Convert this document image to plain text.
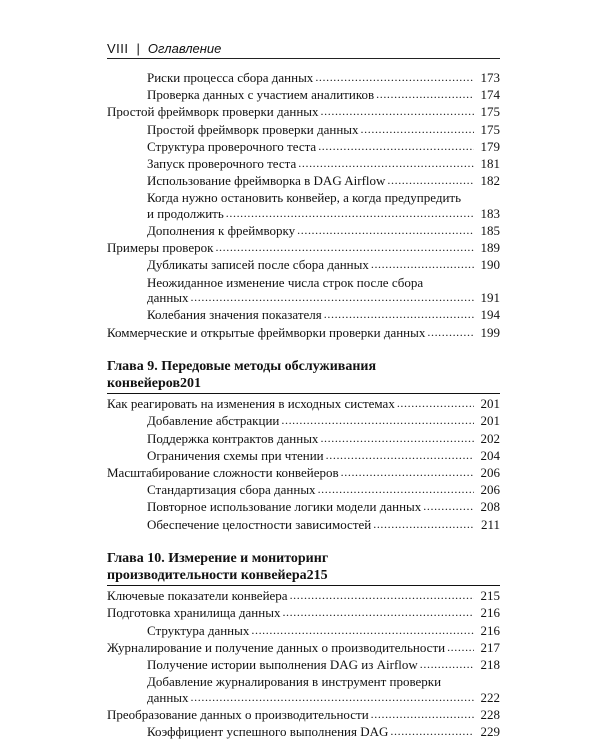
VIII | Оглавление
Риски процесса сбора данных .....	173
Проверка данных с участием аналитиков .....	174
Простой фреймворк проверки данных .....	175
Простой фреймворк проверки данных .....	175
Структура проверочного теста .....	179
Запуск проверочного теста .....	181
Использование фреймворка в DAG Airflow .....	182
Когда нужно остановить конвейер, а когда предупредить
и продолжить .....	183
Дополнения к фреймворку .....	185
Примеры проверок .....	189
Дубликаты записей после сбора данных .....	190
Неожиданное изменение числа строк после сбора
данных .....	191
Колебания значения показателя .....	194
Коммерческие и открытые фреймворки проверки данных .....	199
Глава 9. Передовые методы обслуживания
конвейеров 201
Как реагировать на изменения в исходных системах .....	201
Добавление абстракции .....	201
Поддержка контрактов данных .....	202
Ограничения схемы при чтении .....	204
Масштабирование сложности конвейеров .....	206
Стандартизация сбора данных .....	206
Повторное использование логики модели данных .....	208
Обеспечение целостности зависимостей .....	211
Глава 10. Измерение и мониторинг
производительности конвейера 215
Ключевые показатели конвейера .....	215
Подготовка хранилища данных .....	216
Структура данных .....	216
Журналирование и получение данных о производительности .....	217
Получение истории выполнения DAG из Airflow .....	218
Добавление журналирования в инструмент проверки
данных .....	222
Преобразование данных о производительности .....	228
Коэффициент успешного выполнения DAG .....	229
